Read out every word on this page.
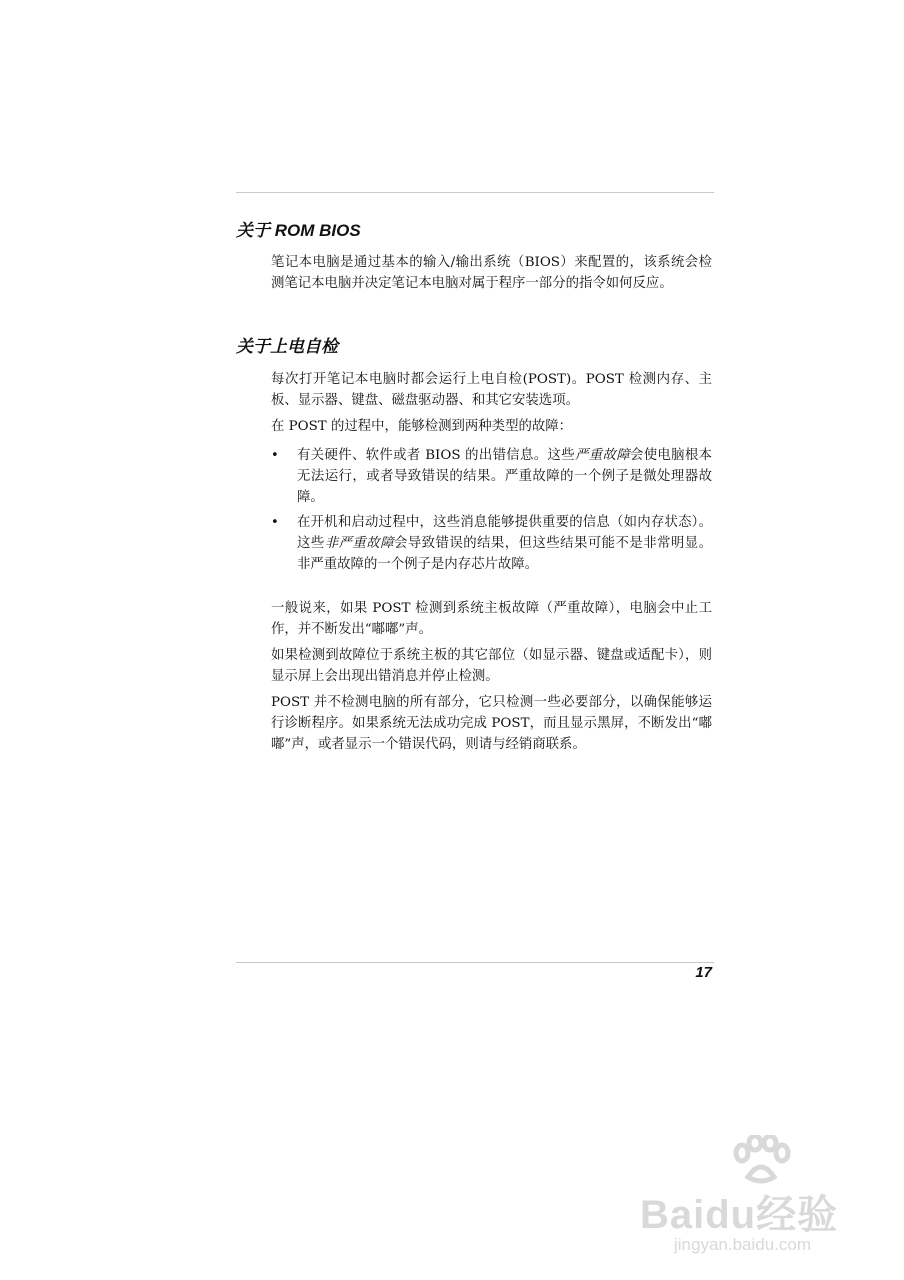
关于 ROM BIOS

笔记本电脑是通过基本的输入/输出系统（BIOS）来配置的，该系统会检测笔记本电脑并决定笔记本电脑对属于程序一部分的指令如何反应。

关于上电自检

每次打开笔记本电脑时都会运行上电自检(POST)。POST 检测内存、主板、显示器、键盘、磁盘驱动器、和其它安装选项。

在 POST 的过程中，能够检测到两种类型的故障：

• 有关硬件、软件或者 BIOS 的出错信息。这些严重故障会使电脑根本无法运行，或者导致错误的结果。严重故障的一个例子是微处理器故障。
• 在开机和启动过程中，这些消息能够提供重要的信息（如内存状态）。这些非严重故障会导致错误的结果，但这些结果可能不是非常明显。非严重故障的一个例子是内存芯片故障。

一般说来，如果 POST 检测到系统主板故障（严重故障），电脑会中止工作，并不断发出“嘟嘟”声。

如果检测到故障位于系统主板的其它部位（如显示器、键盘或适配卡），则显示屏上会出现出错消息并停止检测。

POST 并不检测电脑的所有部分，它只检测一些必要部分，以确保能够运行诊断程序。如果系统无法成功完成 POST，而且显示黑屏，不断发出“嘟嘟”声，或者显示一个错误代码，则请与经销商联系。

17
Baidu经验
jingyan.baidu.com
